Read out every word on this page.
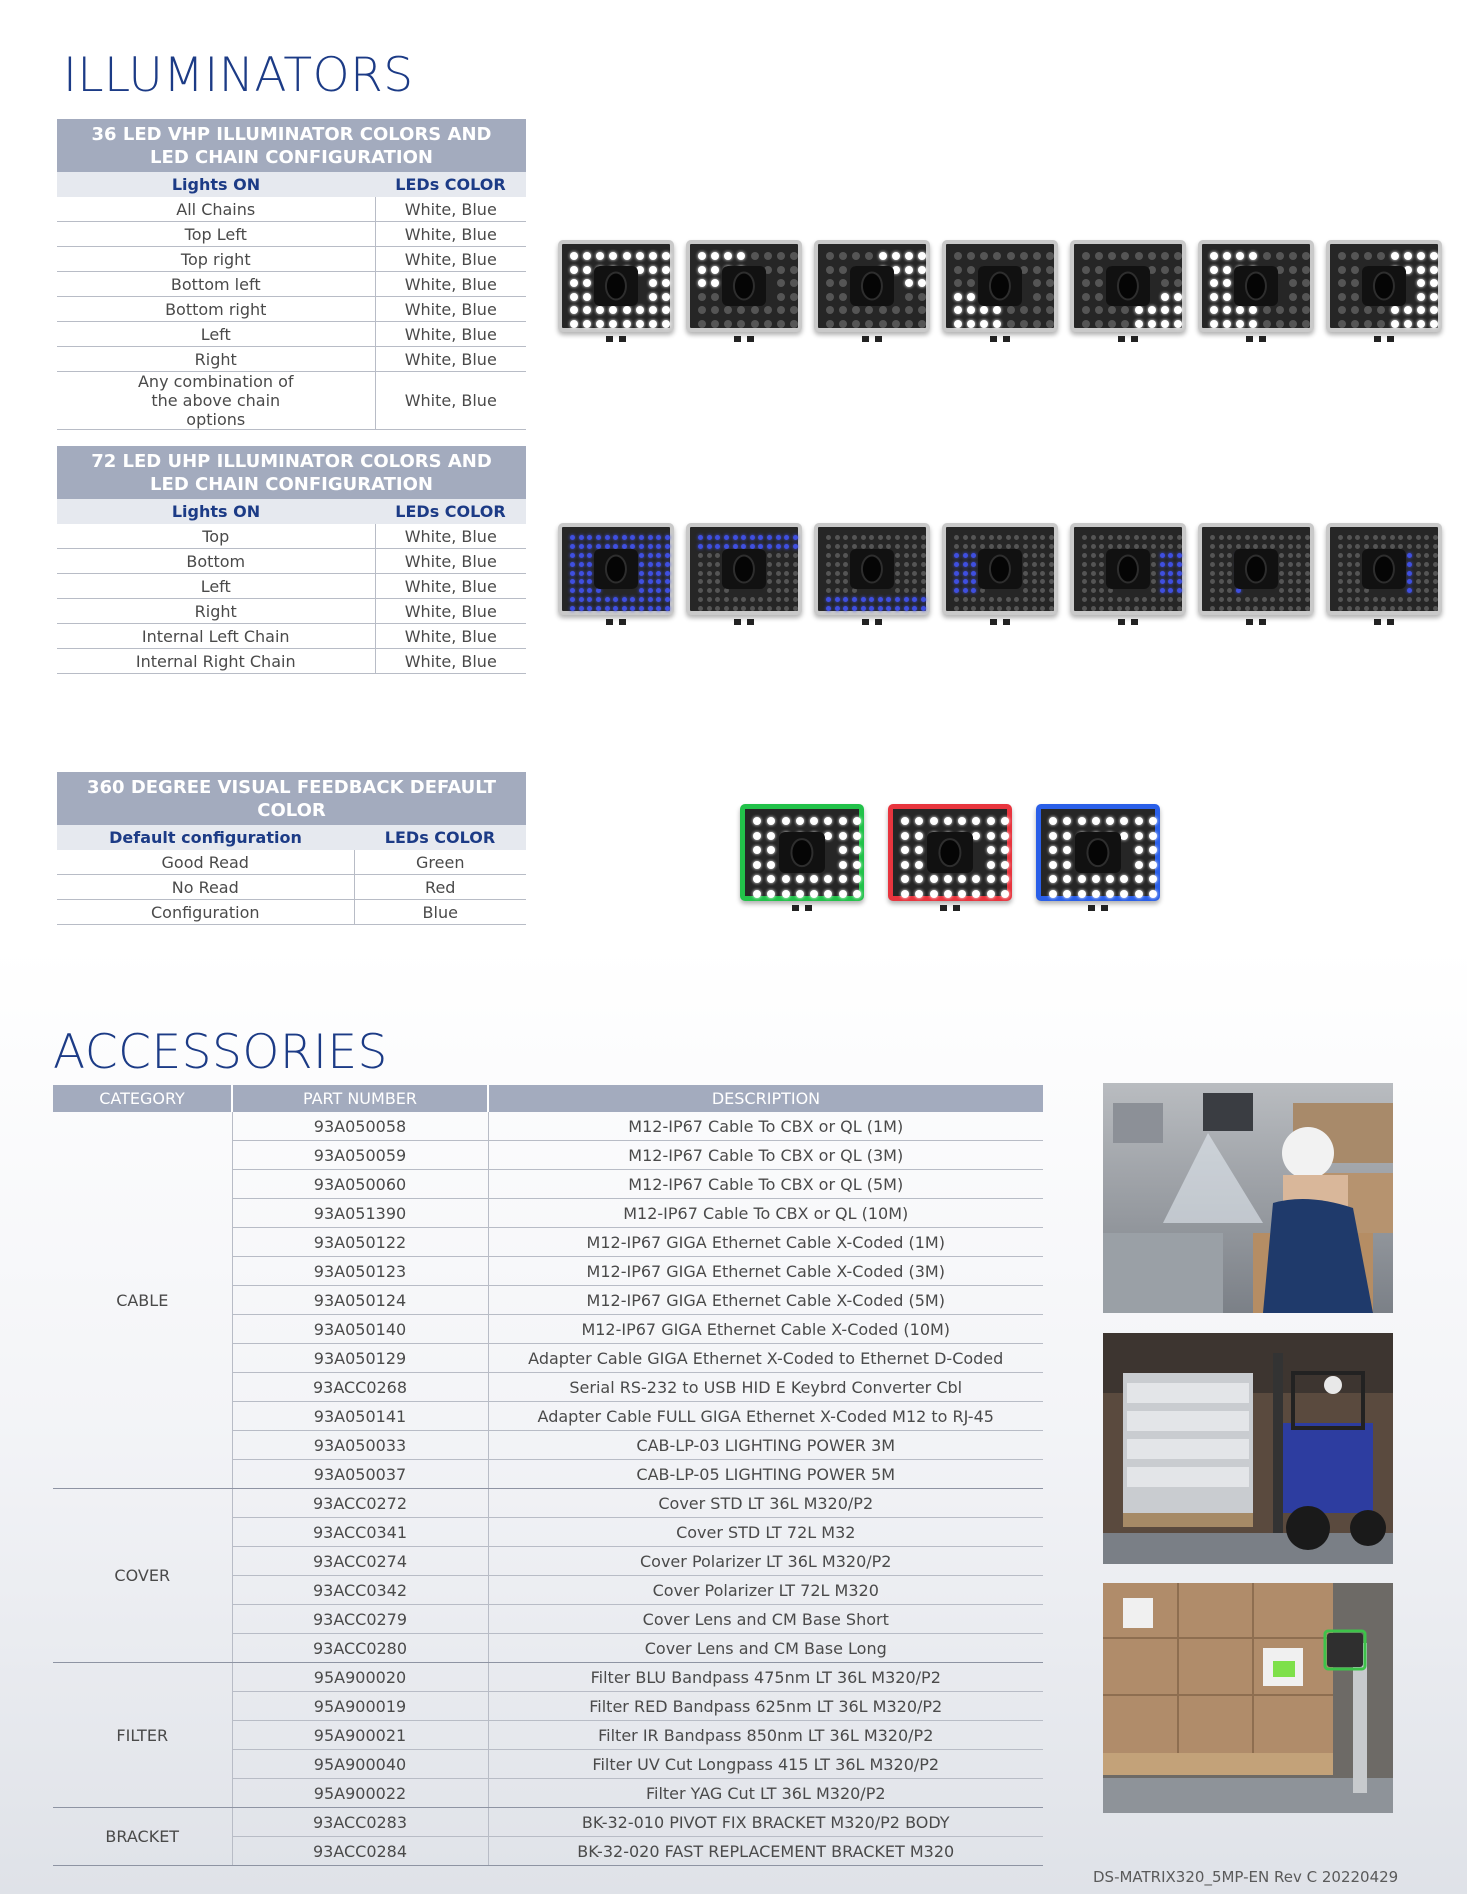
ILLUMINATORS
36 LED VHP ILLUMINATOR COLORS AND LED CHAIN CONFIGURATION	
Lights ON	LEDs COLOR
All Chains	White, Blue
Top Left	White, Blue
Top right	White, Blue
Bottom left	White, Blue
Bottom right	White, Blue
Left	White, Blue
Right	White, Blue
Any combination of the above chain options	White, Blue
72 LED UHP ILLUMINATOR COLORS AND LED CHAIN CONFIGURATION	
Lights ON	LEDs COLOR
Top	White, Blue
Bottom	White, Blue
Left	White, Blue
Right	White, Blue
Internal Left Chain	White, Blue
Internal Right Chain	White, Blue
360 DEGREE VISUAL FEEDBACK DEFAULT COLOR	
Default configuration	LEDs COLOR
Good Read	Green
No Read	Red
Configuration	Blue
ACCESSORIES
CATEGORY	PART NUMBER	DESCRIPTION
CABLE	93A050058	M12-IP67 Cable To CBX or QL (1M)
	93A050059	M12-IP67 Cable To CBX or QL (3M)
	93A050060	M12-IP67 Cable To CBX or QL (5M)
	93A051390	M12-IP67 Cable To CBX or QL (10M)
	93A050122	M12-IP67 GIGA Ethernet Cable X-Coded (1M)
	93A050123	M12-IP67 GIGA Ethernet Cable X-Coded (3M)
	93A050124	M12-IP67 GIGA Ethernet Cable X-Coded (5M)
	93A050140	M12-IP67 GIGA Ethernet Cable X-Coded (10M)
	93A050129	Adapter Cable GIGA Ethernet X-Coded to Ethernet D-Coded
	93ACC0268	Serial RS-232 to USB HID E Keybrd Converter Cbl
	93A050141	Adapter Cable FULL GIGA Ethernet X-Coded M12 to RJ-45
	93A050033	CAB-LP-03 LIGHTING POWER 3M
	93A050037	CAB-LP-05 LIGHTING POWER 5M
COVER	93ACC0272	Cover STD LT 36L M320/P2
	93ACC0341	Cover STD LT 72L M32
	93ACC0274	Cover Polarizer LT 36L M320/P2
	93ACC0342	Cover Polarizer LT 72L M320
	93ACC0279	Cover Lens and CM Base Short
	93ACC0280	Cover Lens and CM Base Long
FILTER	95A900020	Filter BLU Bandpass 475nm LT 36L M320/P2
	95A900019	Filter RED Bandpass 625nm LT 36L M320/P2
	95A900021	Filter IR Bandpass 850nm LT 36L M320/P2
	95A900040	Filter UV Cut Longpass 415 LT 36L M320/P2
	95A900022	Filter YAG Cut LT 36L M320/P2
BRACKET	93ACC0283	BK-32-010 PIVOT FIX BRACKET M320/P2 BODY
	93ACC0284	BK-32-020 FAST REPLACEMENT BRACKET M320
DS-MATRIX320_5MP-EN Rev C 20220429
